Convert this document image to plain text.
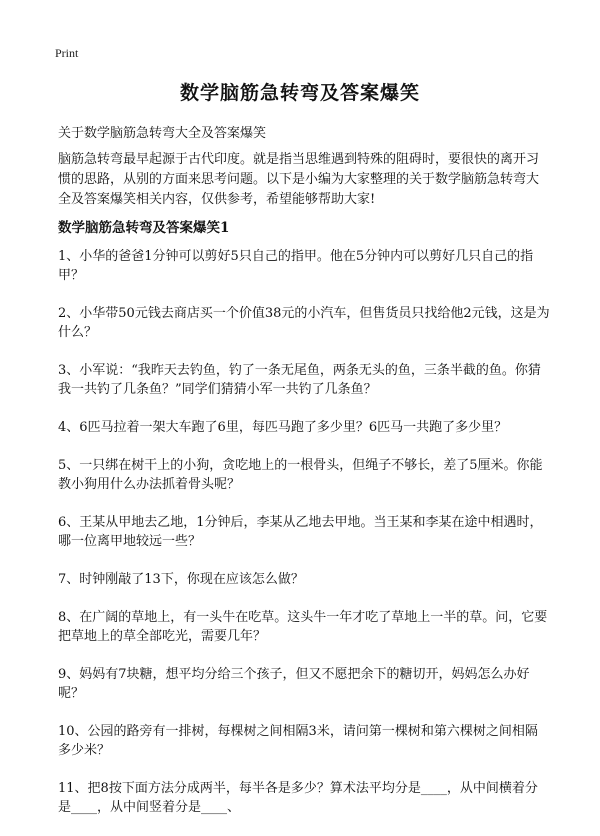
Print
数学脑筋急转弯及答案爆笑
关于数学脑筋急转弯大全及答案爆笑

脑筋急转弯最早起源于古代印度。就是指当思维遇到特殊的阻碍时，要很快的离开习惯的思路，从别的方面来思考问题。以下是小编为大家整理的关于数学脑筋急转弯大全及答案爆笑相关内容，仅供参考，希望能够帮助大家!

数学脑筋急转弯及答案爆笑1
1、小华的爸爸1分钟可以剪好5只自己的指甲。他在5分钟内可以剪好几只自己的指甲？
2、小华带50元钱去商店买一个价值38元的小汽车，但售货员只找给他2元钱，这是为什么？
3、小军说：“我昨天去钓鱼，钓了一条无尾鱼，两条无头的鱼，三条半截的鱼。你猜我一共钓了几条鱼？”同学们猜猜小军一共钓了几条鱼？
4、6匹马拉着一架大车跑了6里，每匹马跑了多少里？6匹马一共跑了多少里？
5、一只绑在树干上的小狗，贪吃地上的一根骨头，但绳子不够长，差了5厘米。你能教小狗用什么办法抓着骨头呢？
6、王某从甲地去乙地，1分钟后，李某从乙地去甲地。当王某和李某在途中相遇时，哪一位离甲地较远一些？
7、时钟刚敲了13下，你现在应该怎么做？
8、在广阔的草地上，有一头牛在吃草。这头牛一年才吃了草地上一半的草。问，它要把草地上的草全部吃光，需要几年？
9、妈妈有7块糖，想平均分给三个孩子，但又不愿把余下的糖切开，妈妈怎么办好呢？
10、公园的路旁有一排树，每棵树之间相隔3米，请问第一棵树和第六棵树之间相隔多少米？
11、把8按下面方法分成两半，每半各是多少？算术法平均分是____，从中间横着分是____，从中间竖着分是____、
